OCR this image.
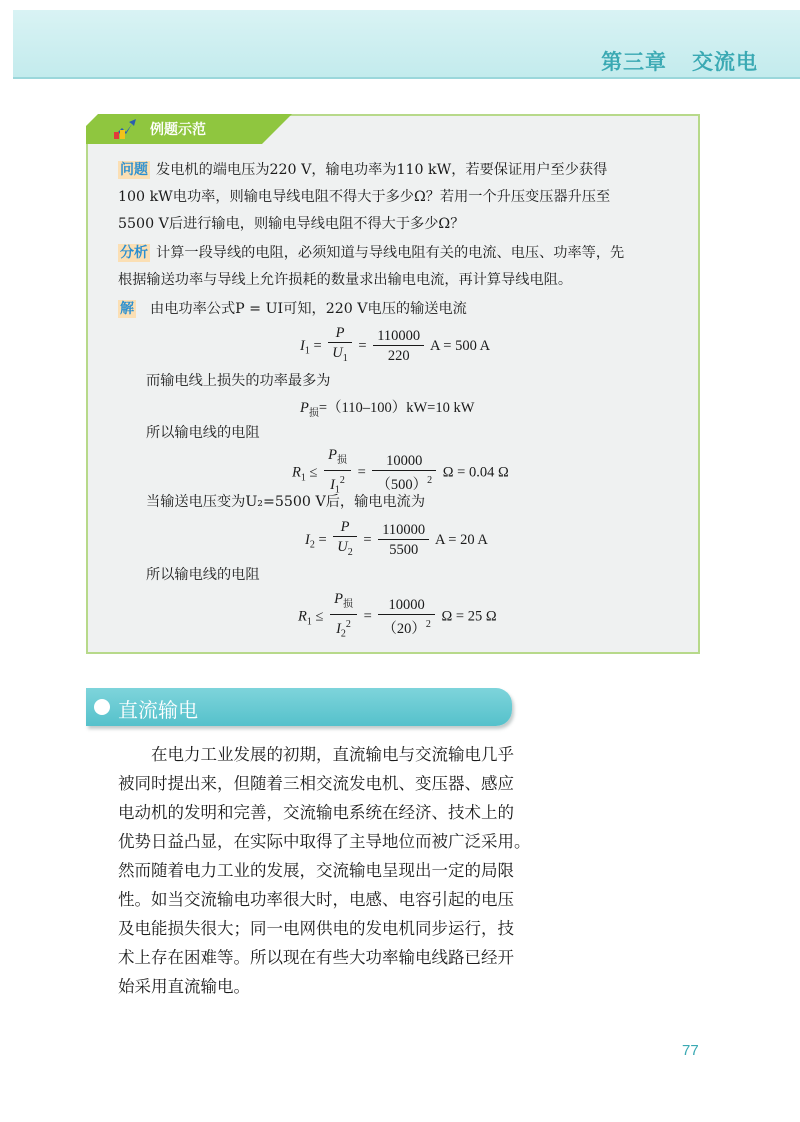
第三章   交流电
例题示范
问题 发电机的端电压为220 V，输电功率为110 kW，若要保证用户至少获得
100 kW电功率，则输电导线电阻不得大于多少Ω？若用一个升压变压器升压至
5500 V后进行输电，则输电导线电阻不得大于多少Ω？
分析 计算一段导线的电阻，必须知道与导线电阻有关的电流、电压、功率等，先
根据输送功率与导线上允许损耗的数量求出输电电流，再计算导线电阻。
解 由电功率公式P = UI可知，220 V电压的输送电流
$I_1 = \frac{P}{U_1} = \frac{110000}{220}$ A = 500 A
而输电线上损失的功率最多为
$P_损=(110-100)kW=10$ kW
所以输电线的电阻
$R_1 \le \frac{P_损}{I_1^2} = \frac{10000}{(500)^2}$ Ω = 0.04 Ω
当输送电压变为U₂=5500 V后，输电电流为
$I_2 = \frac{P}{U_2} = \frac{110000}{5500}$ A = 20 A
所以输电线的电阻
$R_1 \le \frac{P_损}{I_2^2} = \frac{10000}{(20)^2}$ Ω = 25 Ω
直流输电

　　在电力工业发展的初期，直流输电与交流输电几乎

被同时提出来，但随着三相交流发电机、变压器、感应

电动机的发明和完善，交流输电系统在经济、技术上的

优势日益凸显，在实际中取得了主导地位而被广泛采用。

然而随着电力工业的发展，交流输电呈现出一定的局限

性。如当交流输电功率很大时，电感、电容引起的电压

及电能损失很大；同一电网供电的发电机同步运行，技

术上存在困难等。所以现在有些大功率输电线路已经开

始采用直流输电。

77
